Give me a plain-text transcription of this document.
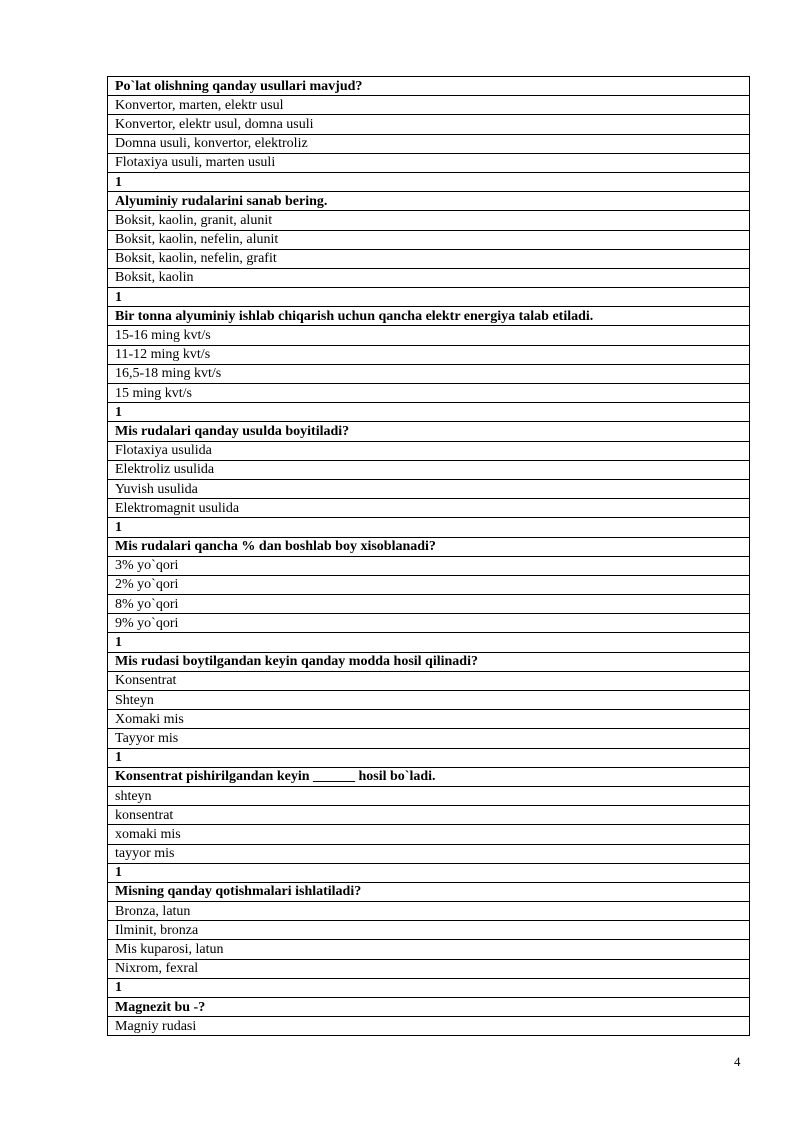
Po`lat olishning qanday usullari mavjud?
Konvertor, marten, elektr usul
Konvertor, elektr usul, domna usuli
Domna usuli, konvertor, elektroliz
Flotaxiya usuli, marten usuli
1
Alyuminiy rudalarini sanab bering.
Boksit, kaolin, granit, alunit
Boksit, kaolin, nefelin, alunit
Boksit, kaolin, nefelin, grafit
Boksit, kaolin
1
Bir tonna alyuminiy ishlab chiqarish uchun qancha elektr energiya talab etiladi.
15-16 ming kvt/s
11-12 ming kvt/s
16,5-18 ming kvt/s
15 ming kvt/s
1
Mis rudalari qanday usulda boyitiladi?
Flotaxiya usulida
Elektroliz usulida
Yuvish usulida
Elektromagnit usulida
1
Mis rudalari qancha % dan boshlab boy xisoblanadi?
3% yo`qori
2% yo`qori
8% yo`qori
9% yo`qori
1
Mis rudasi boytilgandan keyin qanday modda hosil qilinadi?
Konsentrat
Shteyn
Xomaki mis
Tayyor mis
1
Konsentrat pishirilgandan keyin ______ hosil bo`ladi.
shteyn
konsentrat
xomaki mis
tayyor mis
1
Misning qanday qotishmalari ishlatiladi?
Bronza, latun
Ilminit, bronza
Mis kuparosi, latun
Nixrom, fexral
1
Magnezit bu -?
Magniy rudasi
4
